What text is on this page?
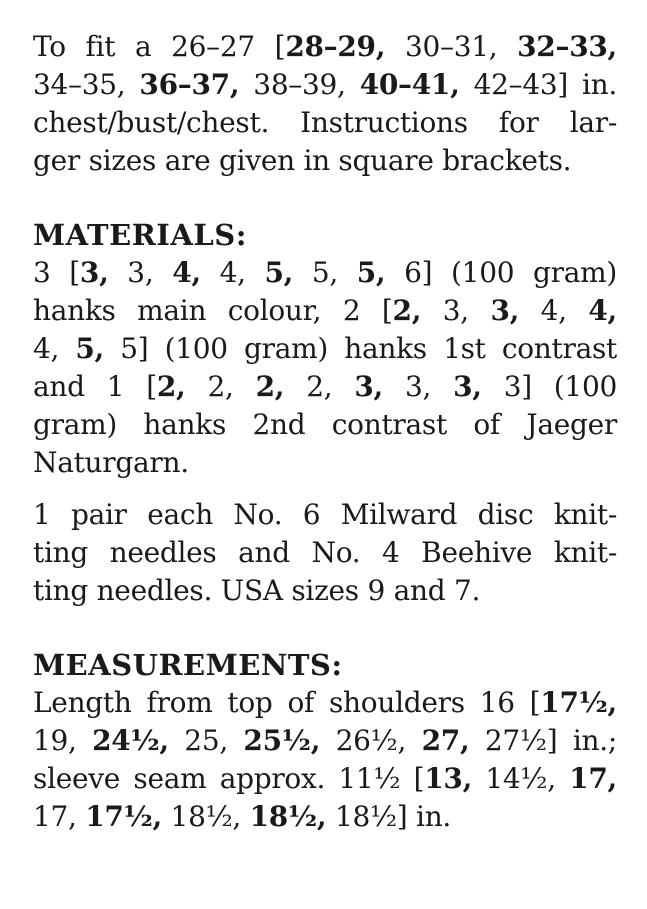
To fit a 26–27 [28–29, 30–31, 32–33,
34–35, 36–37, 38–39, 40–41, 42–43] in.
chest/bust/chest. Instructions for lar-
ger sizes are given in square brackets.
MATERIALS:
3 [3, 3, 4, 4, 5, 5, 5, 6] (100 gram)
hanks main colour, 2 [2, 3, 3, 4, 4,
4, 5, 5] (100 gram) hanks 1st contrast
and 1 [2, 2, 2, 2, 3, 3, 3, 3] (100
gram) hanks 2nd contrast of Jaeger
Naturgarn.
1 pair each No. 6 Milward disc knit-
ting needles and No. 4 Beehive knit-
ting needles. USA sizes 9 and 7.
MEASUREMENTS:
Length from top of shoulders 16 [17½,
19, 24½, 25, 25½, 26½, 27, 27½] in.;
sleeve seam approx. 11½ [13, 14½, 17,
17, 17½, 18½, 18½, 18½] in.
